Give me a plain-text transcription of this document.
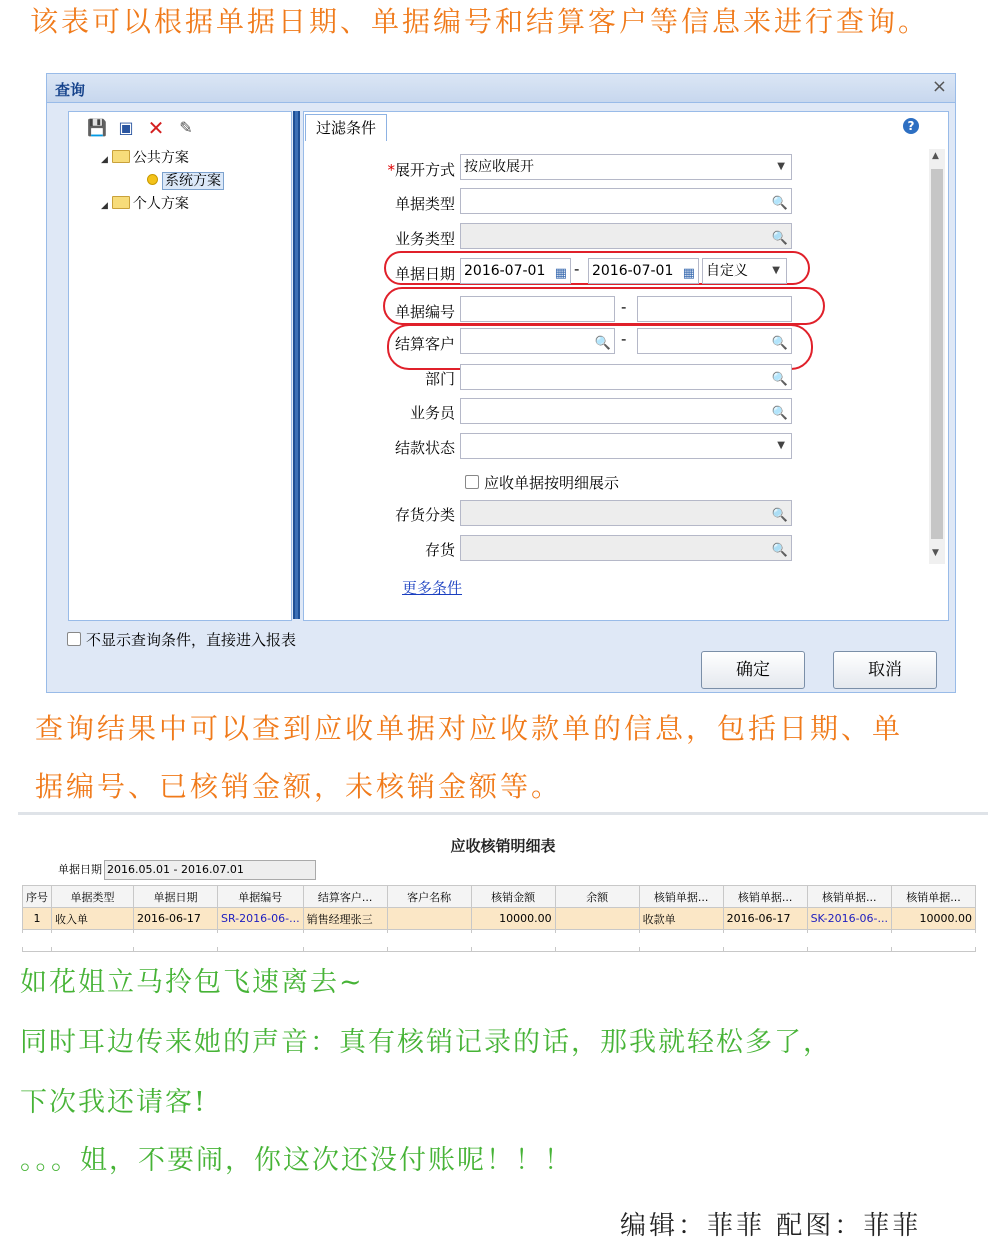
该表可以根据单据日期、单据编号和结算客户等信息来进行查询。
查询	×
💾 ▣ ✕ ✎
◢ 公共方案
系统方案
◢ 个人方案
过滤条件	?
▲
▼
*展开方式 按应收展开	▼
单据类型	🔍
业务类型	🔍
单据日期 2016-07-01 ▦ - 2016-07-01 ▦ 自定义 ▼
单据编号	-
结算客户	🔍 -	🔍
部门	🔍
业务员	🔍
结款状态	▼
应收单据按明细展示
存货分类	🔍
存货	🔍
更多条件
不显示查询条件，直接进入报表
确定	取消
查询结果中可以查到应收单据对应收款单的信息，包括日期、单
据编号、已核销金额，未核销金额等。
应收核销明细表
单据日期 2016.05.01 - 2016.07.01
序号	单据类型	单据日期	单据编号	结算客户...	客户名称	核销金额	余额	核销单据...	核销单据...	核销单据...	核销单据...
1	收入单	2016-06-17	SR-2016-06-...	销售经理张三		10000.00		收款单	2016-06-17	SK-2016-06-...	10000.00

如花姐立马拎包飞速离去~
同时耳边传来她的声音：真有核销记录的话，那我就轻松多了，
下次我还请客!
。。。姐，不要闹，你这次还没付账呢！！！
编辑：菲菲 配图：菲菲
